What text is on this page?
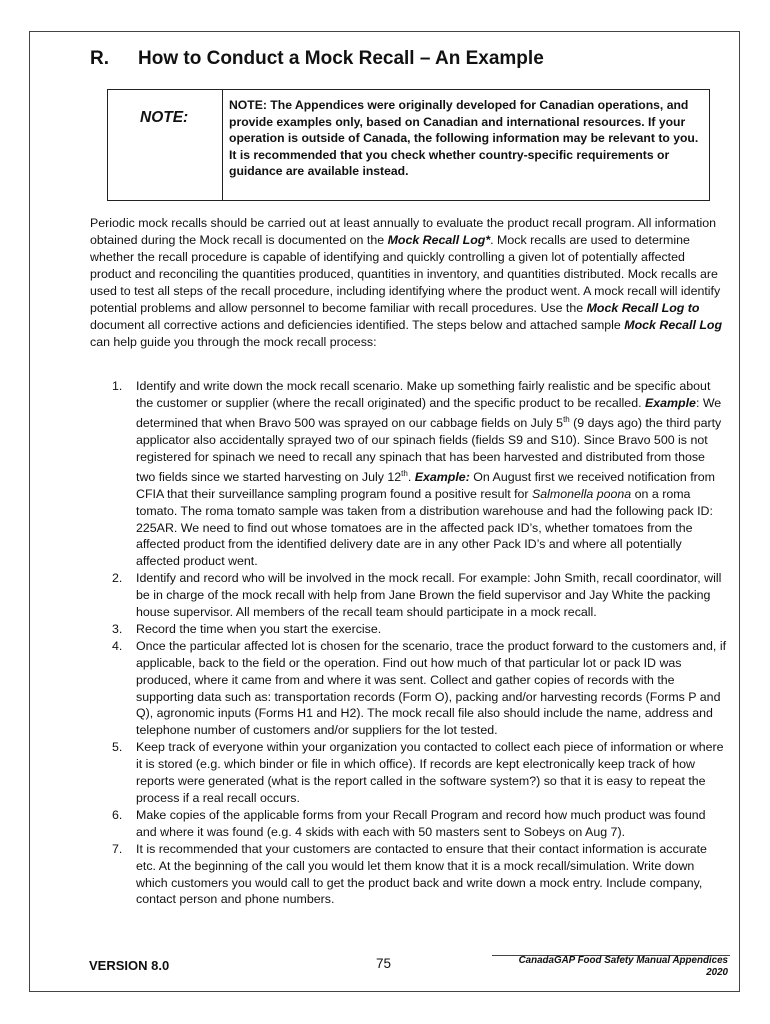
R. How to Conduct a Mock Recall – An Example
NOTE:
NOTE: The Appendices were originally developed for Canadian operations, and provide examples only, based on Canadian and international resources. If your operation is outside of Canada, the following information may be relevant to you. It is recommended that you check whether country-specific requirements or guidance are available instead.

Periodic mock recalls should be carried out at least annually to evaluate the product recall program. All information obtained during the Mock recall is documented on the Mock Recall Log*. Mock recalls are used to determine whether the recall procedure is capable of identifying and quickly controlling a given lot of potentially affected product and reconciling the quantities produced, quantities in inventory, and quantities distributed. Mock recalls are used to test all steps of the recall procedure, including identifying where the product went. A mock recall will identify potential problems and allow personnel to become familiar with recall procedures. Use the Mock Recall Log to document all corrective actions and deficiencies identified. The steps below and attached sample Mock Recall Log can help guide you through the mock recall process:

1. Identify and write down the mock recall scenario. Make up something fairly realistic and be specific about the customer or supplier (where the recall originated) and the specific product to be recalled. Example: We determined that when Bravo 500 was sprayed on our cabbage fields on July 5th (9 days ago) the third party applicator also accidentally sprayed two of our spinach fields (fields S9 and S10). Since Bravo 500 is not registered for spinach we need to recall any spinach that has been harvested and distributed from those two fields since we started harvesting on July 12th. Example: On August first we received notification from CFIA that their surveillance sampling program found a positive result for Salmonella poona on a roma tomato. The roma tomato sample was taken from a distribution warehouse and had the following pack ID: 225AR. We need to find out whose tomatoes are in the affected pack ID’s, whether tomatoes from the affected product from the identified delivery date are in any other Pack ID’s and where all potentially affected product went.
2. Identify and record who will be involved in the mock recall. For example: John Smith, recall coordinator, will be in charge of the mock recall with help from Jane Brown the field supervisor and Jay White the packing house supervisor. All members of the recall team should participate in a mock recall.
3. Record the time when you start the exercise.
4. Once the particular affected lot is chosen for the scenario, trace the product forward to the customers and, if applicable, back to the field or the operation. Find out how much of that particular lot or pack ID was produced, where it came from and where it was sent. Collect and gather copies of records with the supporting data such as: transportation records (Form O), packing and/or harvesting records (Forms P and Q), agronomic inputs (Forms H1 and H2). The mock recall file also should include the name, address and telephone number of customers and/or suppliers for the lot tested.
5. Keep track of everyone within your organization you contacted to collect each piece of information or where it is stored (e.g. which binder or file in which office). If records are kept electronically keep track of how reports were generated (what is the report called in the software system?) so that it is easy to repeat the process if a real recall occurs.
6. Make copies of the applicable forms from your Recall Program and record how much product was found and where it was found (e.g. 4 skids with each with 50 masters sent to Sobeys on Aug 7).
7. It is recommended that your customers are contacted to ensure that their contact information is accurate etc. At the beginning of the call you would let them know that it is a mock recall/simulation. Write down which customers you would call to get the product back and write down a mock entry. Include company, contact person and phone numbers.
VERSION 8.0	75	CanadaGAP Food Safety Manual Appendices
2020
